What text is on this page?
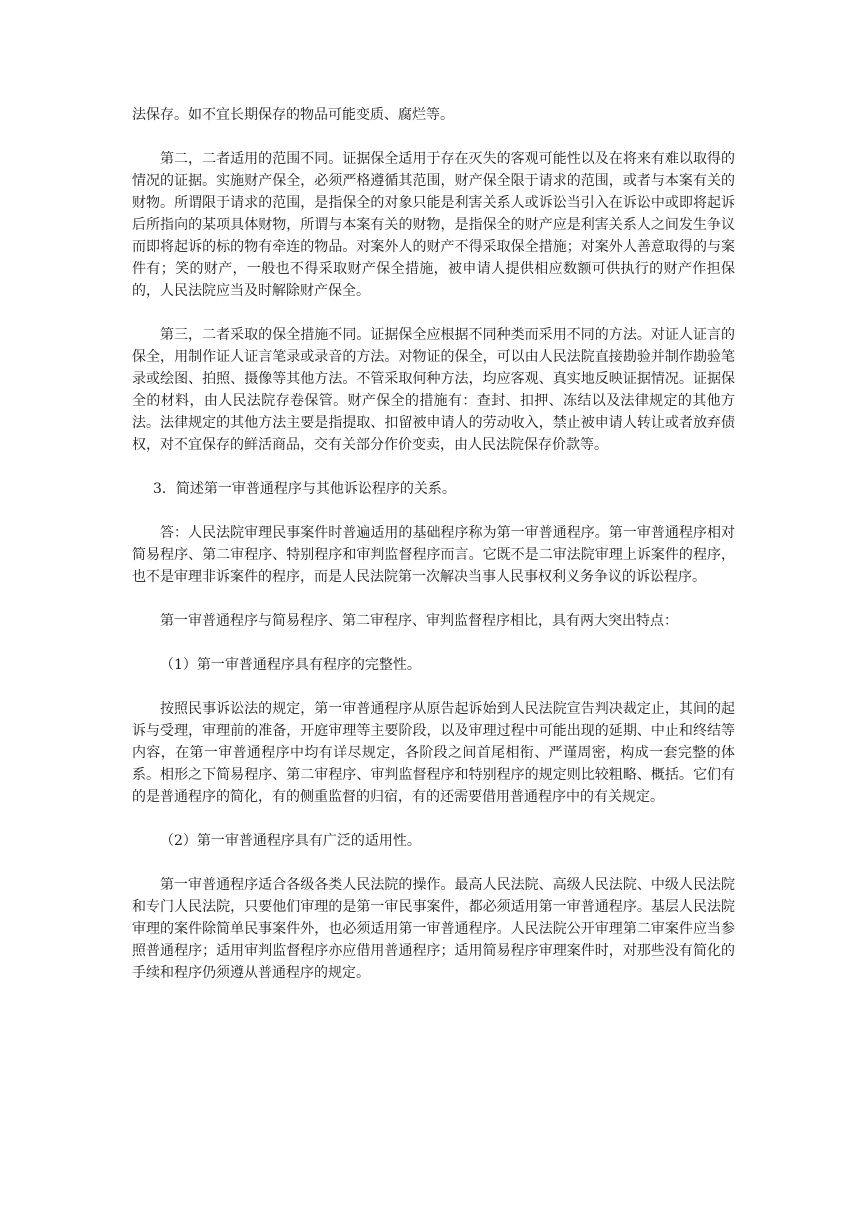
法保存。如不宜长期保存的物品可能变质、腐烂等。

第二，二者适用的范围不同。证据保全适用于存在灭失的客观可能性以及在将来有难以取得的情况的证据。实施财产保全，必须严格遵循其范围，财产保全限于请求的范围，或者与本案有关的财物。所谓限于请求的范围，是指保全的对象只能是利害关系人或诉讼当引入在诉讼中或即将起诉后所指向的某项具体财物，所谓与本案有关的财物，是指保全的财产应是利害关系人之间发生争议而即将起诉的标的物有牵连的物品。对案外人的财产不得采取保全措施；对案外人善意取得的与案件有；笑的财产，一般也不得采取财产保全措施，被申请人提供相应数额可供执行的财产作担保的，人民法院应当及时解除财产保全。

第三，二者采取的保全措施不同。证据保全应根据不同种类而采用不同的方法。对证人证言的保全，用制作证人证言笔录或录音的方法。对物证的保全，可以由人民法院直接勘验并制作勘验笔录或绘图、拍照、摄像等其他方法。不管采取何种方法，均应客观、真实地反映证据情况。证据保全的材料，由人民法院存卷保管。财产保全的措施有：查封、扣押、冻结以及法律规定的其他方法。法律规定的其他方法主要是指提取、扣留被申请人的劳动收入，禁止被申请人转让或者放弃债权，对不宜保存的鲜活商品，交有关部分作价变卖，由人民法院保存价款等。

3．简述第一审普通程序与其他诉讼程序的关系。

答：人民法院审理民事案件时普遍适用的基础程序称为第一审普通程序。第一审普通程序相对简易程序、第二审程序、特别程序和审判监督程序而言。它既不是二审法院审理上诉案件的程序，也不是审理非诉案件的程序，而是人民法院第一次解决当事人民事权利义务争议的诉讼程序。

第一审普通程序与简易程序、第二审程序、审判监督程序相比，具有两大突出特点：

（1）第一审普通程序具有程序的完整性。

按照民事诉讼法的规定，第一审普通程序从原告起诉始到人民法院宣告判决裁定止，其间的起诉与受理，审理前的准备，开庭审理等主要阶段，以及审理过程中可能出现的延期、中止和终结等内容，在第一审普通程序中均有详尽规定，各阶段之间首尾相衔、严谨周密，构成一套完整的体系。相形之下简易程序、第二审程序、审判监督程序和特别程序的规定则比较粗略、概括。它们有的是普通程序的简化，有的侧重监督的归宿，有的还需要借用普通程序中的有关规定。

（2）第一审普通程序具有广泛的适用性。

第一审普通程序适合各级各类人民法院的操作。最高人民法院、高级人民法院、中级人民法院和专门人民法院，只要他们审理的是第一审民事案件，都必须适用第一审普通程序。基层人民法院审理的案件除简单民事案件外，也必须适用第一审普通程序。人民法院公开审理第二审案件应当参照普通程序；适用审判监督程序亦应借用普通程序；适用简易程序审理案件时，对那些没有简化的手续和程序仍须遵从普通程序的规定。
